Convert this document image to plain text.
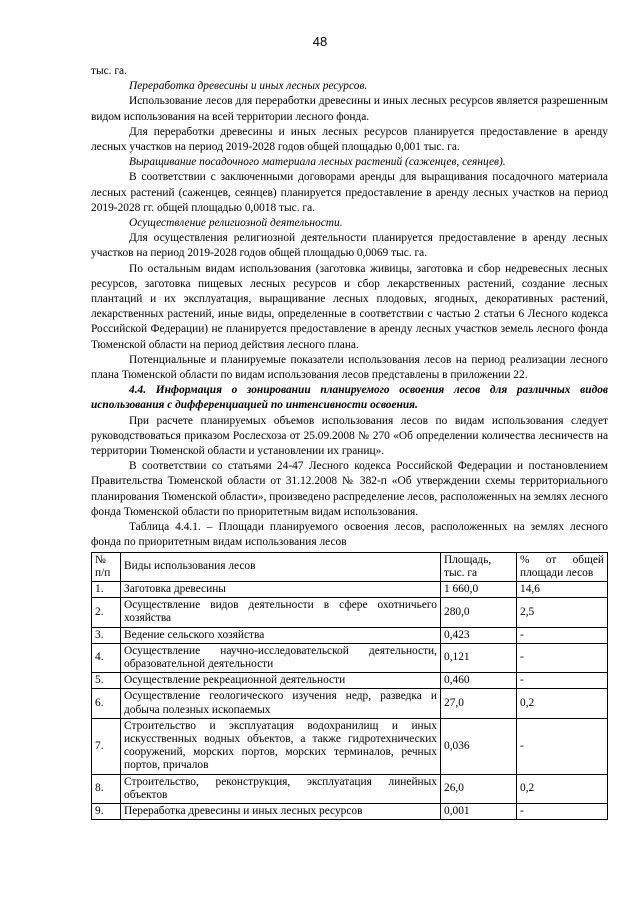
48

тыс. га.

Переработка древесины и иных лесных ресурсов.

Использование лесов для переработки древесины и иных лесных ресурсов является разрешенным видом использования на всей территории лесного фонда.

Для переработки древесины и иных лесных ресурсов планируется предоставление в аренду лесных участков на период 2019-2028 годов общей площадью 0,001 тыс. га.

Выращивание посадочного материала лесных растений (саженцев, сеянцев).

В соответствии с заключенными договорами аренды для выращивания посадочного материала лесных растений (саженцев, сеянцев) планируется предоставление в аренду лесных участков на период 2019-2028 гг. общей площадью 0,0018 тыс. га.

Осуществление религиозной деятельности.

Для осуществления религиозной деятельности планируется предоставление в аренду лесных участков на период 2019-2028 годов общей площадью 0,0069 тыс. га.

По остальным видам использования (заготовка живицы, заготовка и сбор недревесных лесных ресурсов, заготовка пищевых лесных ресурсов и сбор лекарственных растений, создание лесных плантаций и их эксплуатация, выращивание лесных плодовых, ягодных, декоративных растений, лекарственных растений, иные виды, определенные в соответствии с частью 2 статьи 6 Лесного кодекса Российской Федерации) не планируется предоставление в аренду лесных участков земель лесного фонда Тюменской области на период действия лесного плана.

Потенциальные и планируемые показатели использования лесов на период реализации лесного плана Тюменской области по видам использования лесов представлены в приложении 22.

4.4. Информация о зонировании планируемого освоения лесов для различных видов использования с дифференциацией по интенсивности освоения.

При расчете планируемых объемов использования лесов по видам использования следует руководствоваться приказом Рослесхоза от 25.09.2008 № 270 «Об определении количества лесничеств на территории Тюменской области и установлении их границ».

В соответствии со статьями 24-47 Лесного кодекса Российской Федерации и постановлением Правительства Тюменской области от 31.12.2008 № 382-п «Об утверждении схемы территориального планирования Тюменской области», произведено распределение лесов, расположенных на землях лесного фонда Тюменской области по приоритетным видам использования.

Таблица 4.4.1. – Площади планируемого освоения лесов, расположенных на землях лесного фонда по приоритетным видам использования лесов

№ п/п	Виды использования лесов	Площадь, тыс. га	% от общей площади лесов
1.	Заготовка древесины	1 660,0	14,6
2.	Осуществление видов деятельности в сфере охотничьего хозяйства	280,0	2,5
3.	Ведение сельского хозяйства	0,423	-
4.	Осуществление научно-исследовательской деятельности, образовательной деятельности	0,121	-
5.	Осуществление рекреационной деятельности	0,460	-
6.	Осуществление геологического изучения недр, разведка и добыча полезных ископаемых	27,0	0,2
7.	Строительство и эксплуатация водохранилищ и иных искусственных водных объектов, а также гидротехнических сооружений, морских портов, морских терминалов, речных портов, причалов	0,036	-
8.	Строительство, реконструкция, эксплуатация линейных объектов	26,0	0,2
9.	Переработка древесины и иных лесных ресурсов	0,001	-
